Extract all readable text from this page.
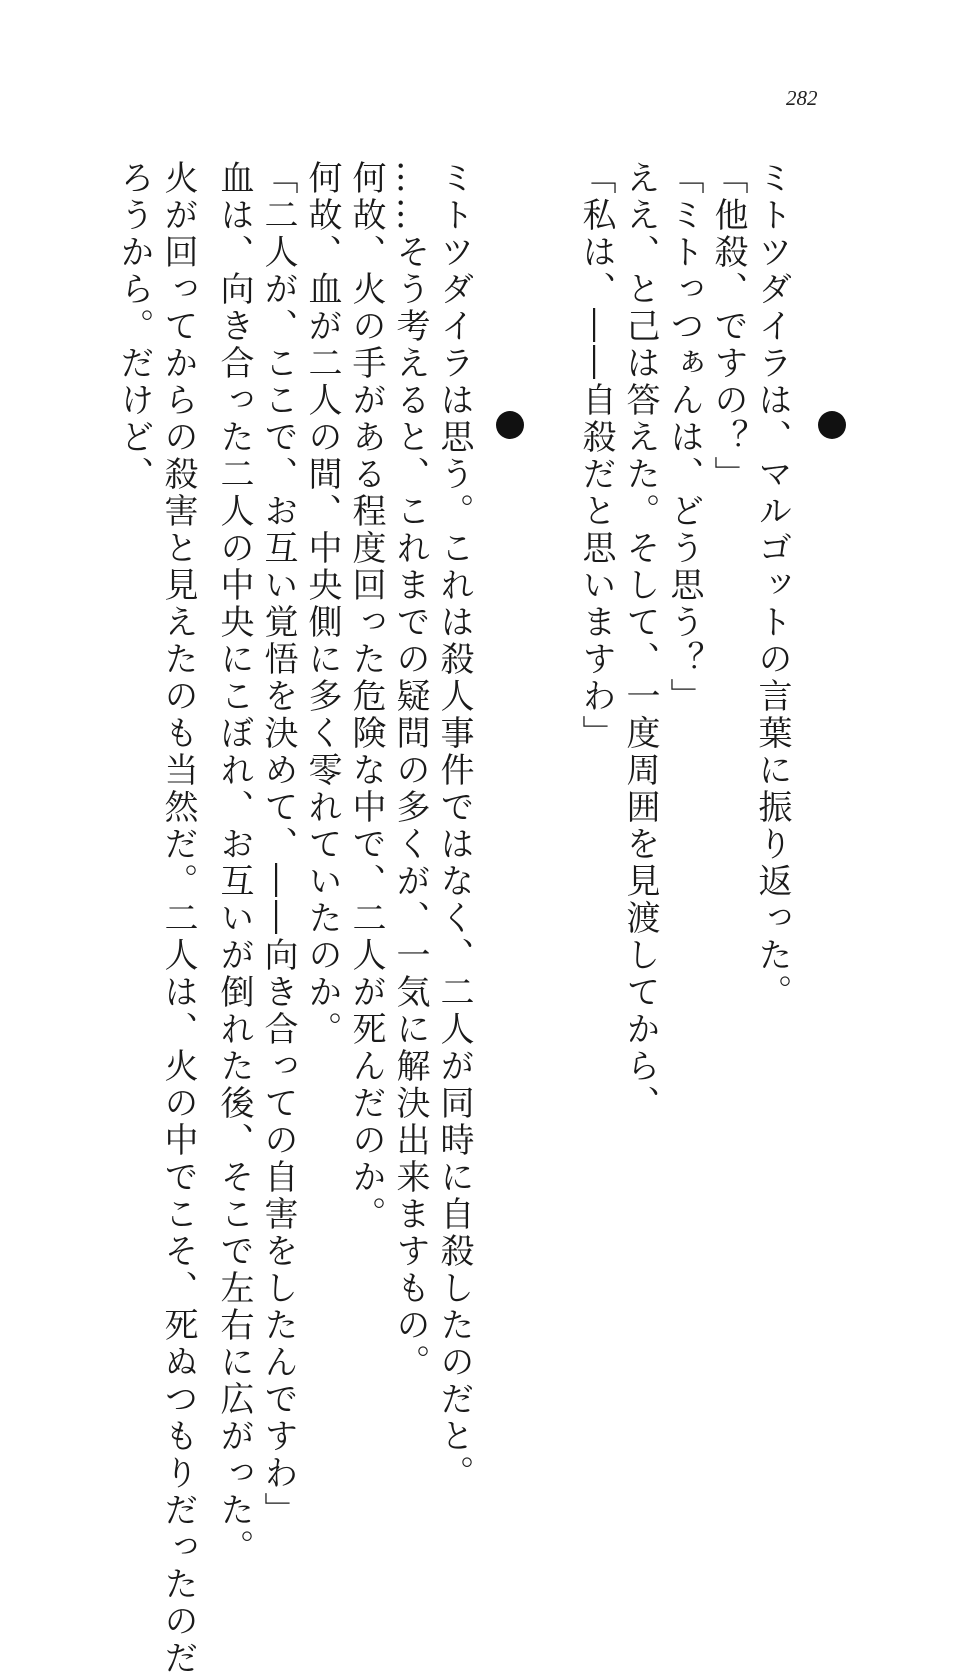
282
ミトツダイラは、マルゴットの言葉に振り返った。
「他殺、ですの？」
「ミトっつぁんは、どう思う？」
ええ、と己は答えた。そして、一度周囲を見渡してから、
「私は、――自殺だと思いますわ」
ミトツダイラは思う。これは殺人事件ではなく、二人が同時に自殺したのだと。
……そう考えると、これまでの疑問の多くが、一気に解決出来ますもの。
何故、火の手がある程度回った危険な中で、二人が死んだのか。
何故、血が二人の間、中央側に多く零れていたのか。
「二人が、ここで、お互い覚悟を決めて、――向き合っての自害をしたんですわ」
血は、向き合った二人の中央にこぼれ、お互いが倒れた後、そこで左右に広がった。
火が回ってからの殺害と見えたのも当然だ。二人は、火の中でこそ、死ぬつもりだったのだ
ろうから。だけど、
